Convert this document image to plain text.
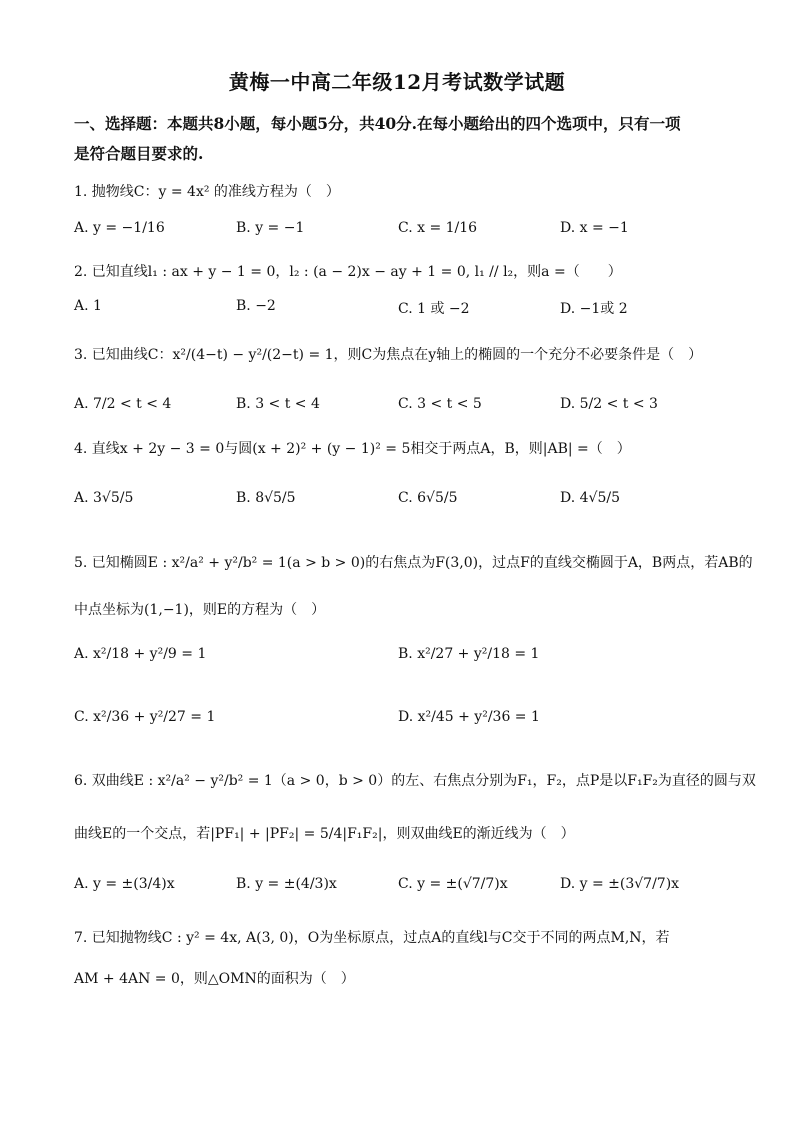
黄梅一中高二年级12月考试数学试题
一、选择题：本题共8小题，每小题5分，共40分.在每小题给出的四个选项中，只有一项
是符合题目要求的.
1. 抛物线C：y = 4x² 的准线方程为（　）
A. y = −1/16	B. y = −1	C. x = 1/16	D. x = −1
2. 已知直线l₁ : ax + y − 1 = 0，l₂ : (a − 2)x − ay + 1 = 0, l₁ // l₂，则a =（　　）
A. 1	B. −2	C. 1 或 −2	D. −1或 2
3. 已知曲线C：x²/(4−t) − y²/(2−t) = 1，则C为焦点在y轴上的椭圆的一个充分不必要条件是（　）
A. 7/2 < t < 4	B. 3 < t < 4	C. 3 < t < 5	D. 5/2 < t < 3
4. 直线x + 2y − 3 = 0与圆(x + 2)² + (y − 1)² = 5相交于两点A，B，则|AB| =（　）
A. 3√5/5	B. 8√5/5	C. 6√5/5	D. 4√5/5
5. 已知椭圆E : x²/a² + y²/b² = 1(a > b > 0)的右焦点为F(3,0)，过点F的直线交椭圆于A，B两点，若AB的
中点坐标为(1,−1)，则E的方程为（　）
A. x²/18 + y²/9 = 1	B. x²/27 + y²/18 = 1
C. x²/36 + y²/27 = 1	D. x²/45 + y²/36 = 1
6. 双曲线E : x²/a² − y²/b² = 1（a > 0，b > 0）的左、右焦点分别为F₁，F₂，点P是以F₁F₂为直径的圆与双
曲线E的一个交点，若|PF₁| + |PF₂| = 5/4|F₁F₂|，则双曲线E的渐近线为（　）
A. y = ±(3/4)x	B. y = ±(4/3)x	C. y = ±(√7/7)x	D. y = ±(3√7/7)x
7. 已知抛物线C : y² = 4x, A(3, 0)，O为坐标原点，过点A的直线l与C交于不同的两点M,N，若
AM + 4AN = 0，则△OMN的面积为（　）
